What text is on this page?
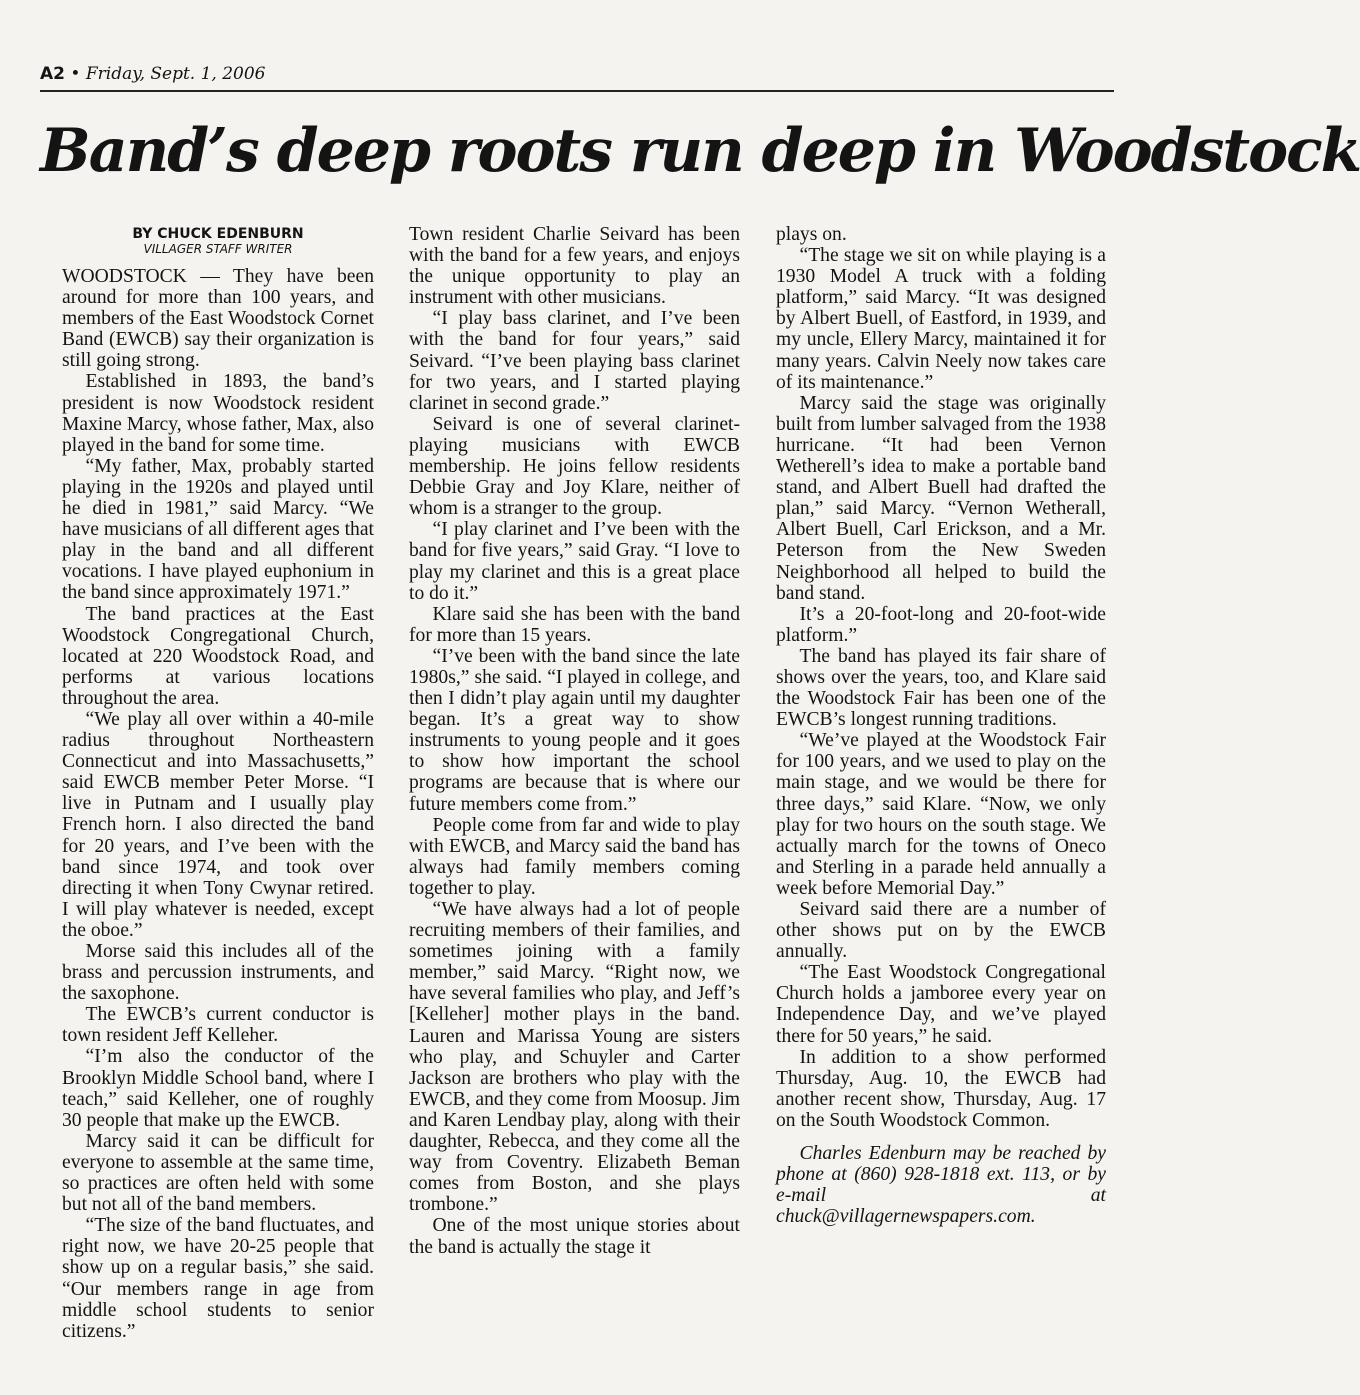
A2 • Friday, Sept. 1, 2006
Band’s deep roots run deep in Woodstock
BY CHUCK EDENBURN
VILLAGER STAFF WRITER

WOODSTOCK — They have been around for more than 100 years, and members of the East Woodstock Cornet Band (EWCB) say their organization is still going strong.

Established in 1893, the band’s president is now Woodstock resident Maxine Marcy, whose father, Max, also played in the band for some time.

“My father, Max, probably started playing in the 1920s and played until he died in 1981,” said Marcy. “We have musicians of all different ages that play in the band and all different vocations. I have played euphonium in the band since approximately 1971.”

The band practices at the East Woodstock Congregational Church, located at 220 Woodstock Road, and performs at various locations throughout the area.

“We play all over within a 40-mile radius throughout Northeastern Connecticut and into Massachusetts,” said EWCB member Peter Morse. “I live in Putnam and I usually play French horn. I also directed the band for 20 years, and I’ve been with the band since 1974, and took over directing it when Tony Cwynar retired. I will play whatever is needed, except the oboe.”

Morse said this includes all of the brass and percussion instruments, and the saxophone.

The EWCB’s current conductor is town resident Jeff Kelleher.

“I’m also the conductor of the Brooklyn Middle School band, where I teach,” said Kelleher, one of roughly 30 people that make up the EWCB.

Marcy said it can be difficult for everyone to assemble at the same time, so practices are often held with some but not all of the band members.

“The size of the band fluctuates, and right now, we have 20-25 people that show up on a regular basis,” she said. “Our members range in age from middle school students to senior citizens.”

Town resident Charlie Seivard has been with the band for a few years, and enjoys the unique opportunity to play an instrument with other musicians.

“I play bass clarinet, and I’ve been with the band for four years,” said Seivard. “I’ve been playing bass clarinet for two years, and I started playing clarinet in second grade.”

Seivard is one of several clarinet-playing musicians with EWCB membership. He joins fellow residents Debbie Gray and Joy Klare, neither of whom is a stranger to the group.

“I play clarinet and I’ve been with the band for five years,” said Gray. “I love to play my clarinet and this is a great place to do it.”

Klare said she has been with the band for more than 15 years.

“I’ve been with the band since the late 1980s,” she said. “I played in college, and then I didn’t play again until my daughter began. It’s a great way to show instruments to young people and it goes to show how important the school programs are because that is where our future members come from.”

People come from far and wide to play with EWCB, and Marcy said the band has always had family members coming together to play.

“We have always had a lot of people recruiting members of their families, and sometimes joining with a family member,” said Marcy. “Right now, we have several families who play, and Jeff’s [Kelleher] mother plays in the band. Lauren and Marissa Young are sisters who play, and Schuyler and Carter Jackson are brothers who play with the EWCB, and they come from Moosup. Jim and Karen Lendbay play, along with their daughter, Rebecca, and they come all the way from Coventry. Elizabeth Beman comes from Boston, and she plays trombone.”

One of the most unique stories about the band is actually the stage it

plays on.

“The stage we sit on while playing is a 1930 Model A truck with a folding platform,” said Marcy. “It was designed by Albert Buell, of Eastford, in 1939, and my uncle, Ellery Marcy, maintained it for many years. Calvin Neely now takes care of its maintenance.”

Marcy said the stage was originally built from lumber salvaged from the 1938 hurricane. “It had been Vernon Wetherell’s idea to make a portable band stand, and Albert Buell had drafted the plan,” said Marcy. “Vernon Wetherall, Albert Buell, Carl Erickson, and a Mr. Peterson from the New Sweden Neighborhood all helped to build the band stand.

It’s a 20-foot-long and 20-foot-wide platform.”

The band has played its fair share of shows over the years, too, and Klare said the Woodstock Fair has been one of the EWCB’s longest running traditions.

“We’ve played at the Woodstock Fair for 100 years, and we used to play on the main stage, and we would be there for three days,” said Klare. “Now, we only play for two hours on the south stage. We actually march for the towns of Oneco and Sterling in a parade held annually a week before Memorial Day.”

Seivard said there are a number of other shows put on by the EWCB annually.

“The East Woodstock Congregational Church holds a jamboree every year on Independence Day, and we’ve played there for 50 years,” he said.

In addition to a show performed Thursday, Aug. 10, the EWCB had another recent show, Thursday, Aug. 17 on the South Woodstock Common.

Charles Edenburn may be reached by phone at (860) 928-1818 ext. 113, or by e-mail at chuck@villagernewspapers.com.
